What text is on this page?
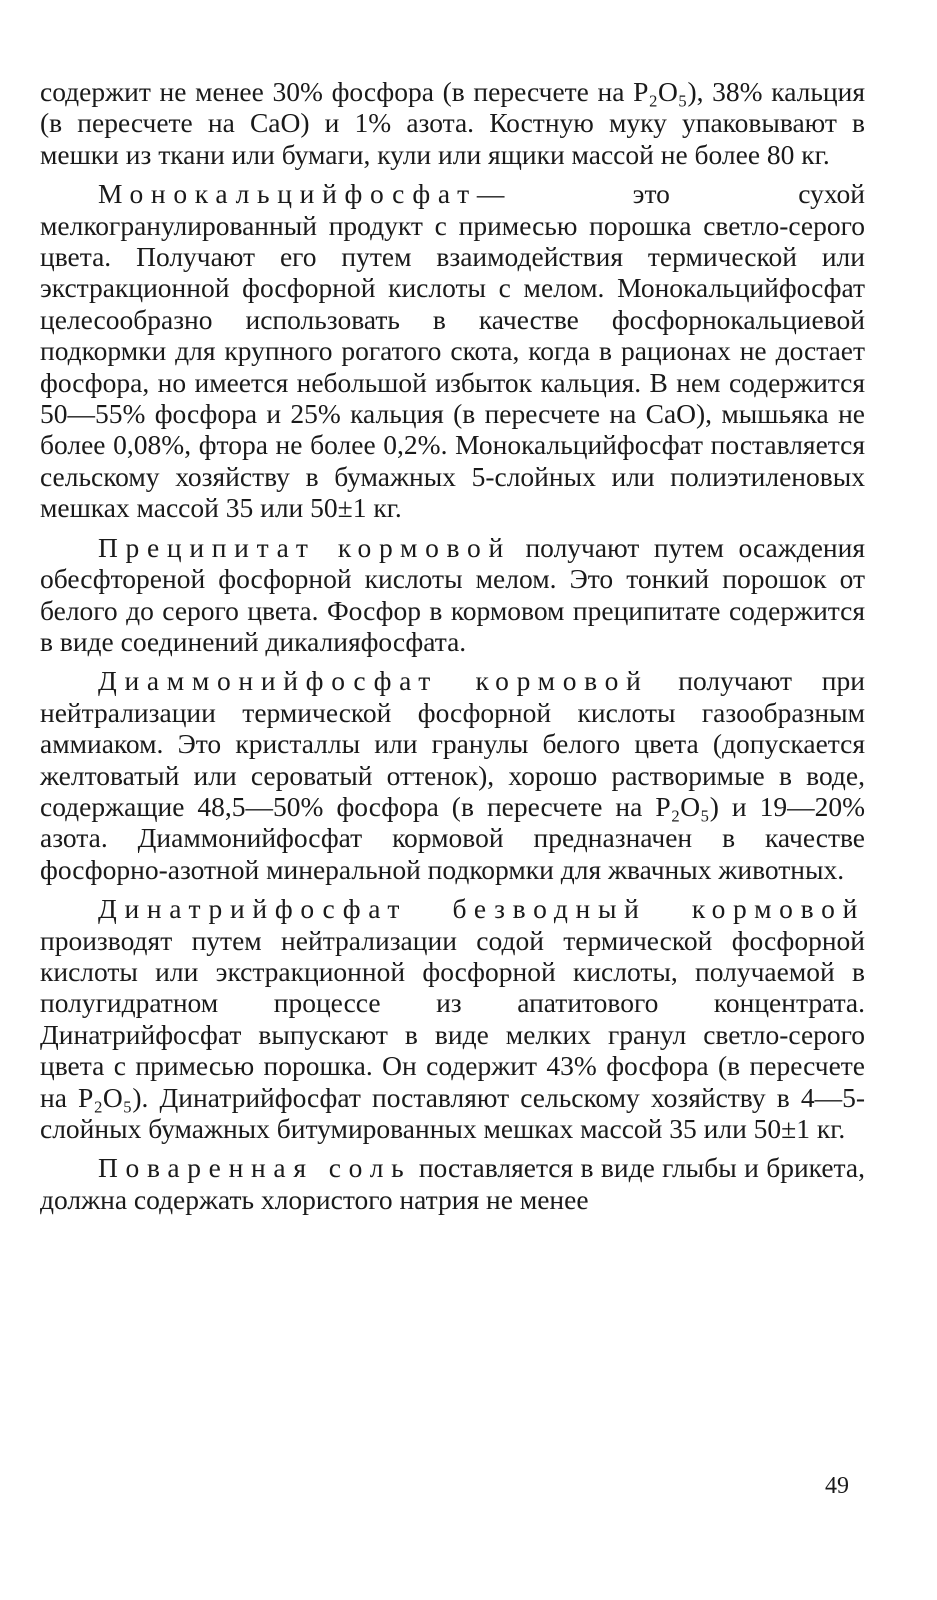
содержит не менее 30% фосфора (в пересчете на P₂O₅), 38% кальция (в пересчете на CaO) и 1% азота. Костную муку упаковывают в мешки из ткани или бумаги, кули или ящики массой не более 80 кг.

Монокальцийфосфат— это сухой мелкогранулированный продукт с примесью порошка светло-серого цвета. Получают его путем взаимодействия термической или экстракционной фосфорной кислоты с мелом. Монокальцийфосфат целесообразно использовать в качестве фосфорнокальциевой подкормки для крупного рогатого скота, когда в рационах не достает фосфора, но имеется небольшой избыток кальция. В нем содержится 50—55% фосфора и 25% кальция (в пересчете на CaO), мышьяка не более 0,08%, фтора не более 0,2%. Монокальцийфосфат поставляется сельскому хозяйству в бумажных 5-слойных или полиэтиленовых мешках массой 35 или 50±1 кг.

Преципитат кормовой получают путем осаждения обесфтореной фосфорной кислоты мелом. Это тонкий порошок от белого до серого цвета. Фосфор в кормовом преципитате содержится в виде соединений дикалияфосфата.

Диаммонийфосфат кормовой получают при нейтрализации термической фосфорной кислоты газообразным аммиаком. Это кристаллы или гранулы белого цвета (допускается желтоватый или сероватый оттенок), хорошо растворимые в воде, содержащие 48,5—50% фосфора (в пересчете на P₂O₅) и 19—20% азота. Диаммонийфосфат кормовой предназначен в качестве фосфорно-азотной минеральной подкормки для жвачных животных.

Динатрийфосфат безводный кормовой производят путем нейтрализации содой термической фосфорной кислоты или экстракционной фосфорной кислоты, получаемой в полугидратном процессе из апатитового концентрата. Динатрийфосфат выпускают в виде мелких гранул светло-серого цвета с примесью порошка. Он содержит 43% фосфора (в пересчете на P₂O₅). Динатрийфосфат поставляют сельскому хозяйству в 4—5-слойных бумажных битумированных мешках массой 35 или 50±1 кг.

Поваренная соль поставляется в виде глыбы и брикета, должна содержать хлористого натрия не менее

49
